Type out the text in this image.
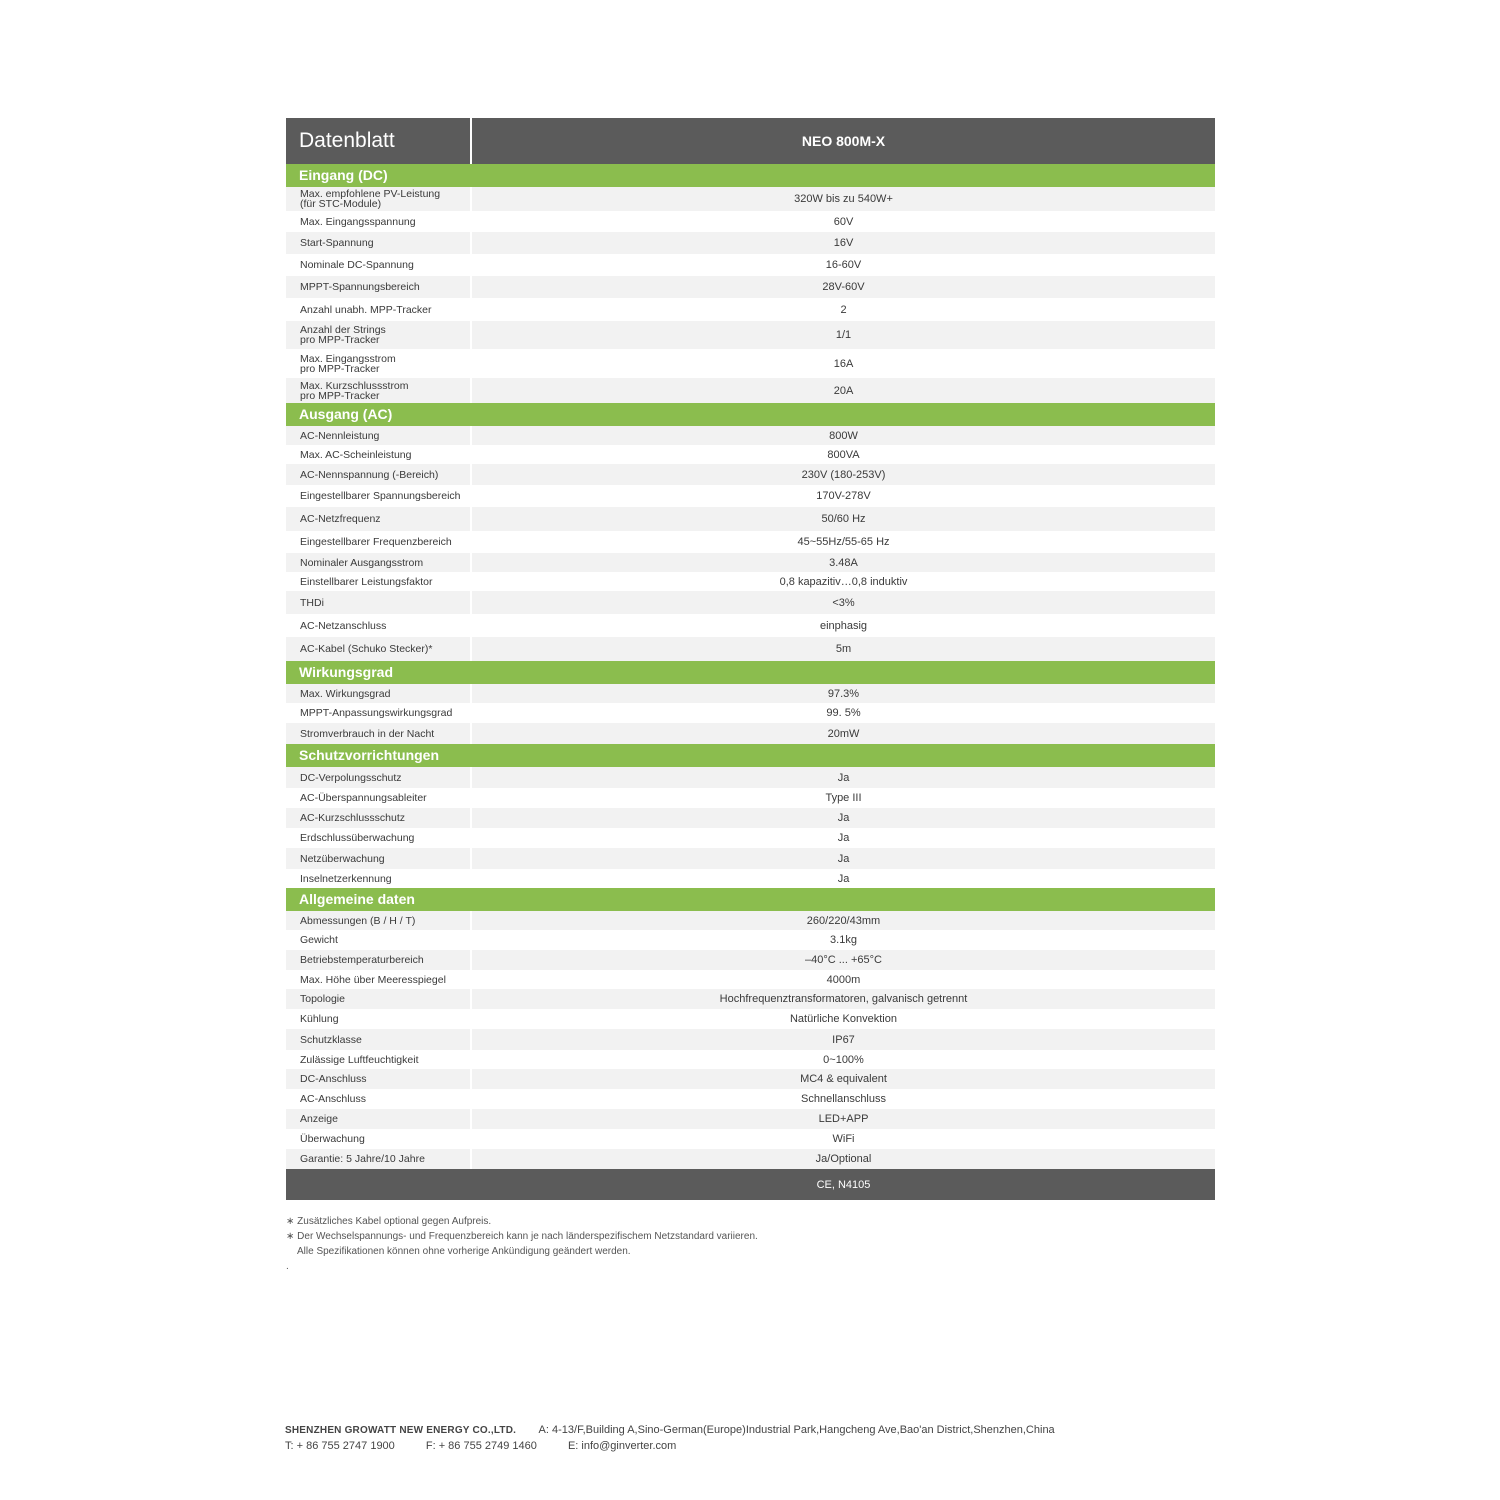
Datenblatt	NEO 800M-X
Eingang (DC)
Max. empfohlene PV-Leistung
(für STC-Module)	320W bis zu 540W+
Max. Eingangsspannung	60V
Start-Spannung	16V
Nominale DC-Spannung	16-60V
MPPT-Spannungsbereich	28V-60V
Anzahl unabh. MPP-Tracker	2
Anzahl der Strings
pro MPP-Tracker	1/1
Max. Eingangsstrom
pro MPP-Tracker	16A
Max. Kurzschlussstrom
pro MPP-Tracker	20A
Ausgang (AC)
AC-Nennleistung	800W
Max. AC-Scheinleistung	800VA
AC-Nennspannung (-Bereich)	230V (180-253V)
Eingestellbarer Spannungsbereich	170V-278V
AC-Netzfrequenz	50/60 Hz
Eingestellbarer Frequenzbereich	45~55Hz/55-65 Hz
Nominaler Ausgangsstrom	3.48A
Einstellbarer Leistungsfaktor	0,8 kapazitiv…0,8 induktiv
THDi	<3%
AC-Netzanschluss	einphasig
AC-Kabel (Schuko Stecker)*	5m
Wirkungsgrad
Max. Wirkungsgrad	97.3%
MPPT-Anpassungswirkungsgrad	99. 5%
Stromverbrauch in der Nacht	20mW
Schutzvorrichtungen
DC-Verpolungsschutz	Ja
AC-Überspannungsableiter	Type III
AC-Kurzschlussschutz	Ja
Erdschlussüberwachung	Ja
Netzüberwachung	Ja
Inselnetzerkennung	Ja
Allgemeine daten
Abmessungen (B / H / T)	260/220/43mm
Gewicht	3.1kg
Betriebstemperaturbereich	–40°C ... +65°C
Max. Höhe über Meeresspiegel	4000m
Topologie	Hochfrequenztransformatoren, galvanisch getrennt
Kühlung	Natürliche Konvektion
Schutzklasse	IP67
Zulässige Luftfeuchtigkeit	0~100%
DC-Anschluss	MC4 & equivalent
AC-Anschluss	Schnellanschluss
Anzeige	LED+APP
Überwachung	WiFi
Garantie: 5 Jahre/10 Jahre	Ja/Optional
CE, N4105
∗ Zusätzliches Kabel optional gegen Aufpreis.
∗ Der Wechselspannungs- und Frequenzbereich kann je nach länderspezifischem Netzstandard variieren.
Alle Spezifikationen können ohne vorherige Ankündigung geändert werden.
.
SHENZHEN GROWATT NEW ENERGY CO.,LTD. A: 4-13/F,Building A,Sino-German(Europe)Industrial Park,Hangcheng Ave,Bao'an District,Shenzhen,China
T: + 86 755 2747 1900	F: + 86 755 2749 1460	E: info@ginverter.com
